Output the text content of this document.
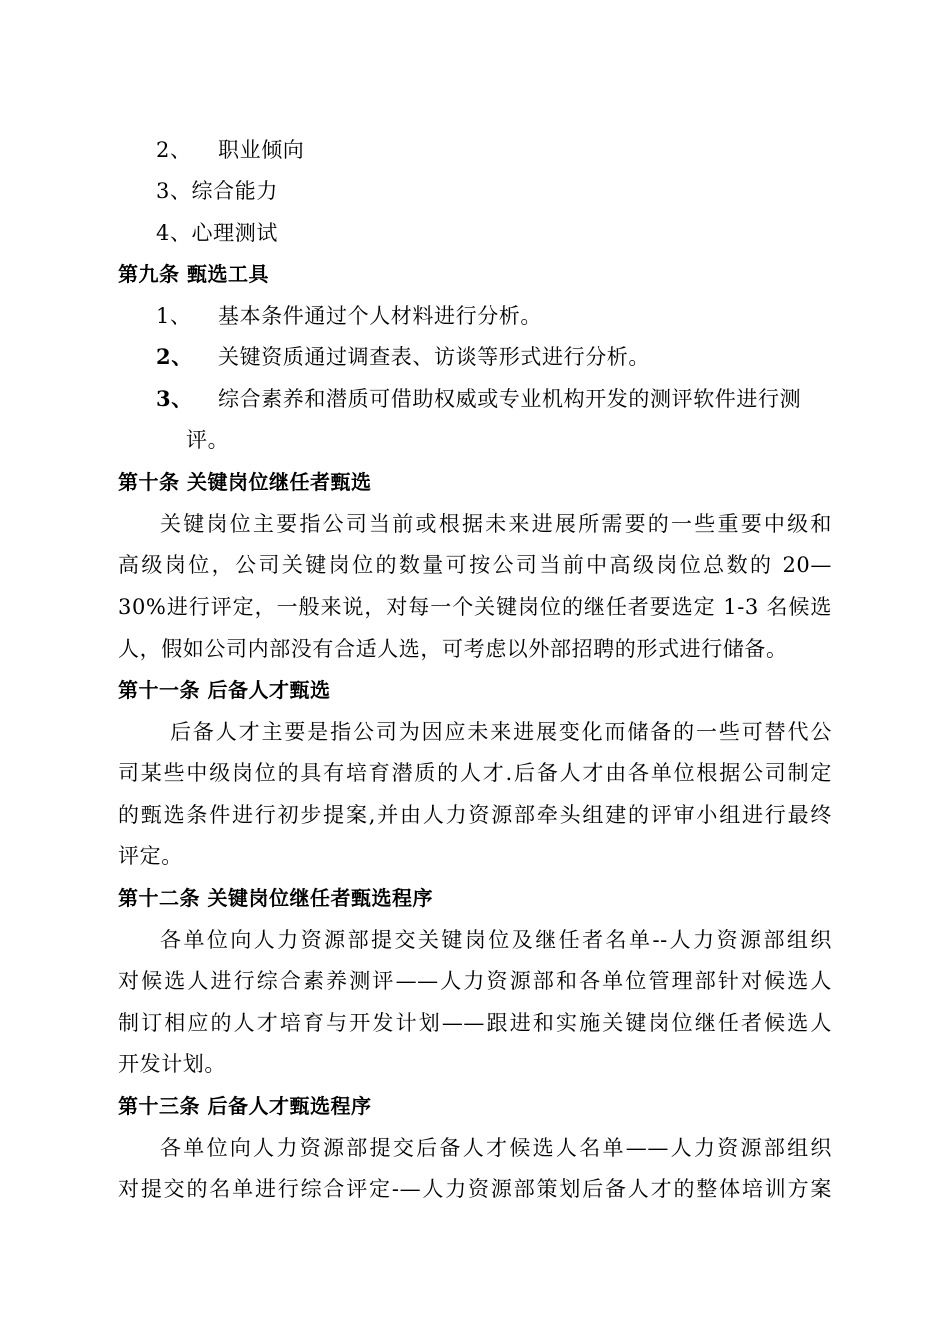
2、 职业倾向
3、综合能力
4、心理测试
第九条 甄选工具
1、 基本条件通过个人材料进行分析。
2、 关键资质通过调查表、访谈等形式进行分析。
3、 综合素养和潜质可借助权威或专业机构开发的测评软件进行测
评。
第十条 关键岗位继任者甄选
关键岗位主要指公司当前或根据未来进展所需要的一些重要中级和
高级岗位，公司关键岗位的数量可按公司当前中高级岗位总数的 20—
30%进行评定，一般来说，对每一个关键岗位的继任者要选定 1-3 名候选
人，假如公司内部没有合适人选，可考虑以外部招聘的形式进行储备。
第十一条 后备人才甄选
后备人才主要是指公司为因应未来进展变化而储备的一些可替代公
司某些中级岗位的具有培育潜质的人才.后备人才由各单位根据公司制定
的甄选条件进行初步提案,并由人力资源部牵头组建的评审小组进行最终
评定。
第十二条 关键岗位继任者甄选程序
各单位向人力资源部提交关键岗位及继任者名单--人力资源部组织
对候选人进行综合素养测评——人力资源部和各单位管理部针对候选人
制订相应的人才培育与开发计划——跟进和实施关键岗位继任者候选人
开发计划。
第十三条 后备人才甄选程序
各单位向人力资源部提交后备人才候选人名单——人力资源部组织
对提交的名单进行综合评定-—人力资源部策划后备人才的整体培训方案
